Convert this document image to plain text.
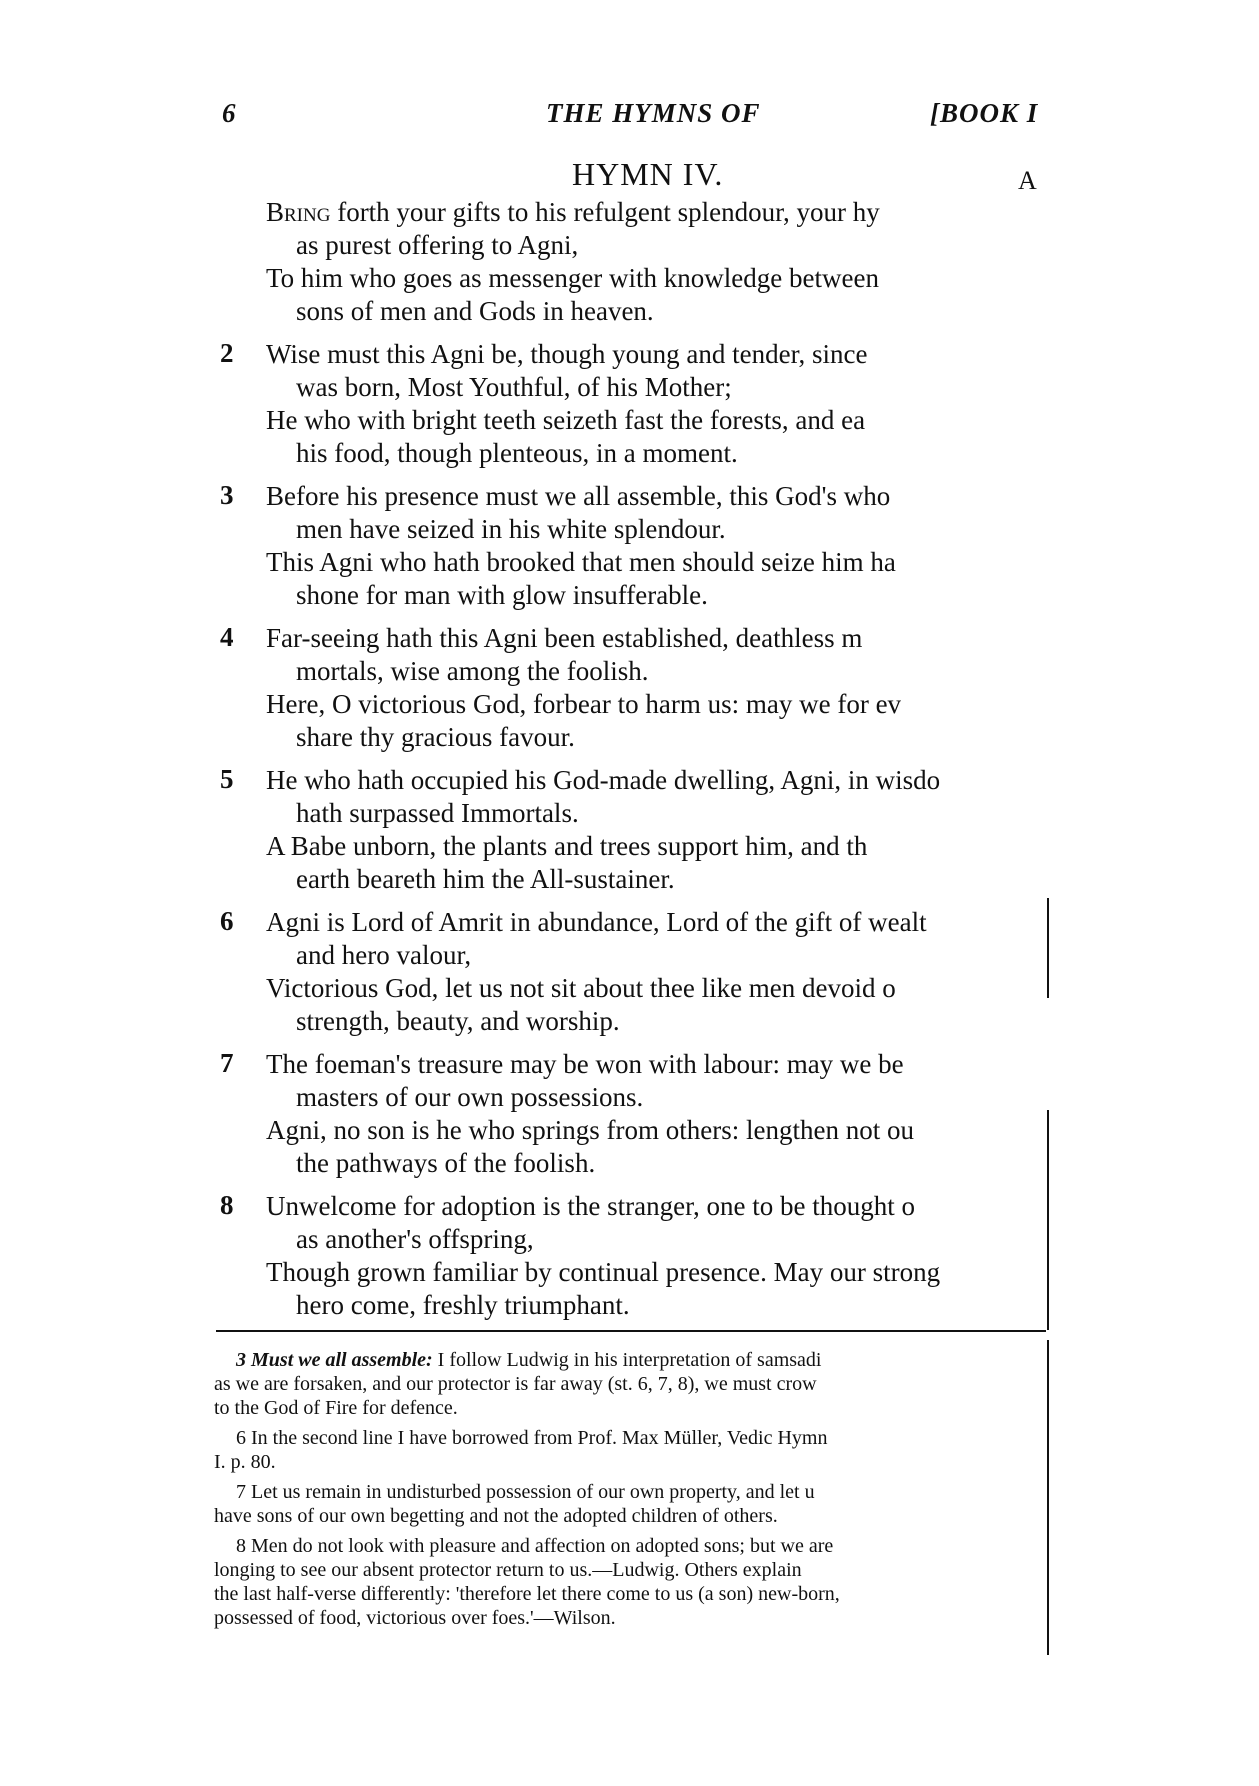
6	THE HYMNS OF	[BOOK I
HYMN IV.	A
Bring forth your gifts to his refulgent splendour, your hy
as purest offering to Agni,
To him who goes as messenger with knowledge between
sons of men and Gods in heaven.
2	Wise must this Agni be, though young and tender, since
was born, Most Youthful, of his Mother;
He who with bright teeth seizeth fast the forests, and ea
his food, though plenteous, in a moment.
3	Before his presence must we all assemble, this God's who
men have seized in his white splendour.
This Agni who hath brooked that men should seize him ha
shone for man with glow insufferable.
4	Far-seeing hath this Agni been established, deathless m
mortals, wise among the foolish.
Here, O victorious God, forbear to harm us: may we for ev
share thy gracious favour.
5	He who hath occupied his God-made dwelling, Agni, in wisdo
hath surpassed Immortals.
A Babe unborn, the plants and trees support him, and th
earth beareth him the All-sustainer.
6	Agni is Lord of Amrit in abundance, Lord of the gift of wealt
and hero valour,
Victorious God, let us not sit about thee like men devoid o
strength, beauty, and worship.
7	The foeman's treasure may be won with labour: may we be
masters of our own possessions.
Agni, no son is he who springs from others: lengthen not ou
the pathways of the foolish.
8	Unwelcome for adoption is the stranger, one to be thought o
as another's offspring,
Though grown familiar by continual presence. May our strong
hero come, freshly triumphant.
3 Must we all assemble: I follow Ludwig in his interpretation of samsadi
as we are forsaken, and our protector is far away (st. 6, 7, 8), we must crow
to the God of Fire for defence.
6 In the second line I have borrowed from Prof. Max Müller, Vedic Hymn
I. p. 80.
7 Let us remain in undisturbed possession of our own property, and let u
have sons of our own begetting and not the adopted children of others.
8 Men do not look with pleasure and affection on adopted sons; but we are
longing to see our absent protector return to us.—Ludwig. Others explain
the last half-verse differently: 'therefore let there come to us (a son) new-born,
possessed of food, victorious over foes.'—Wilson.
